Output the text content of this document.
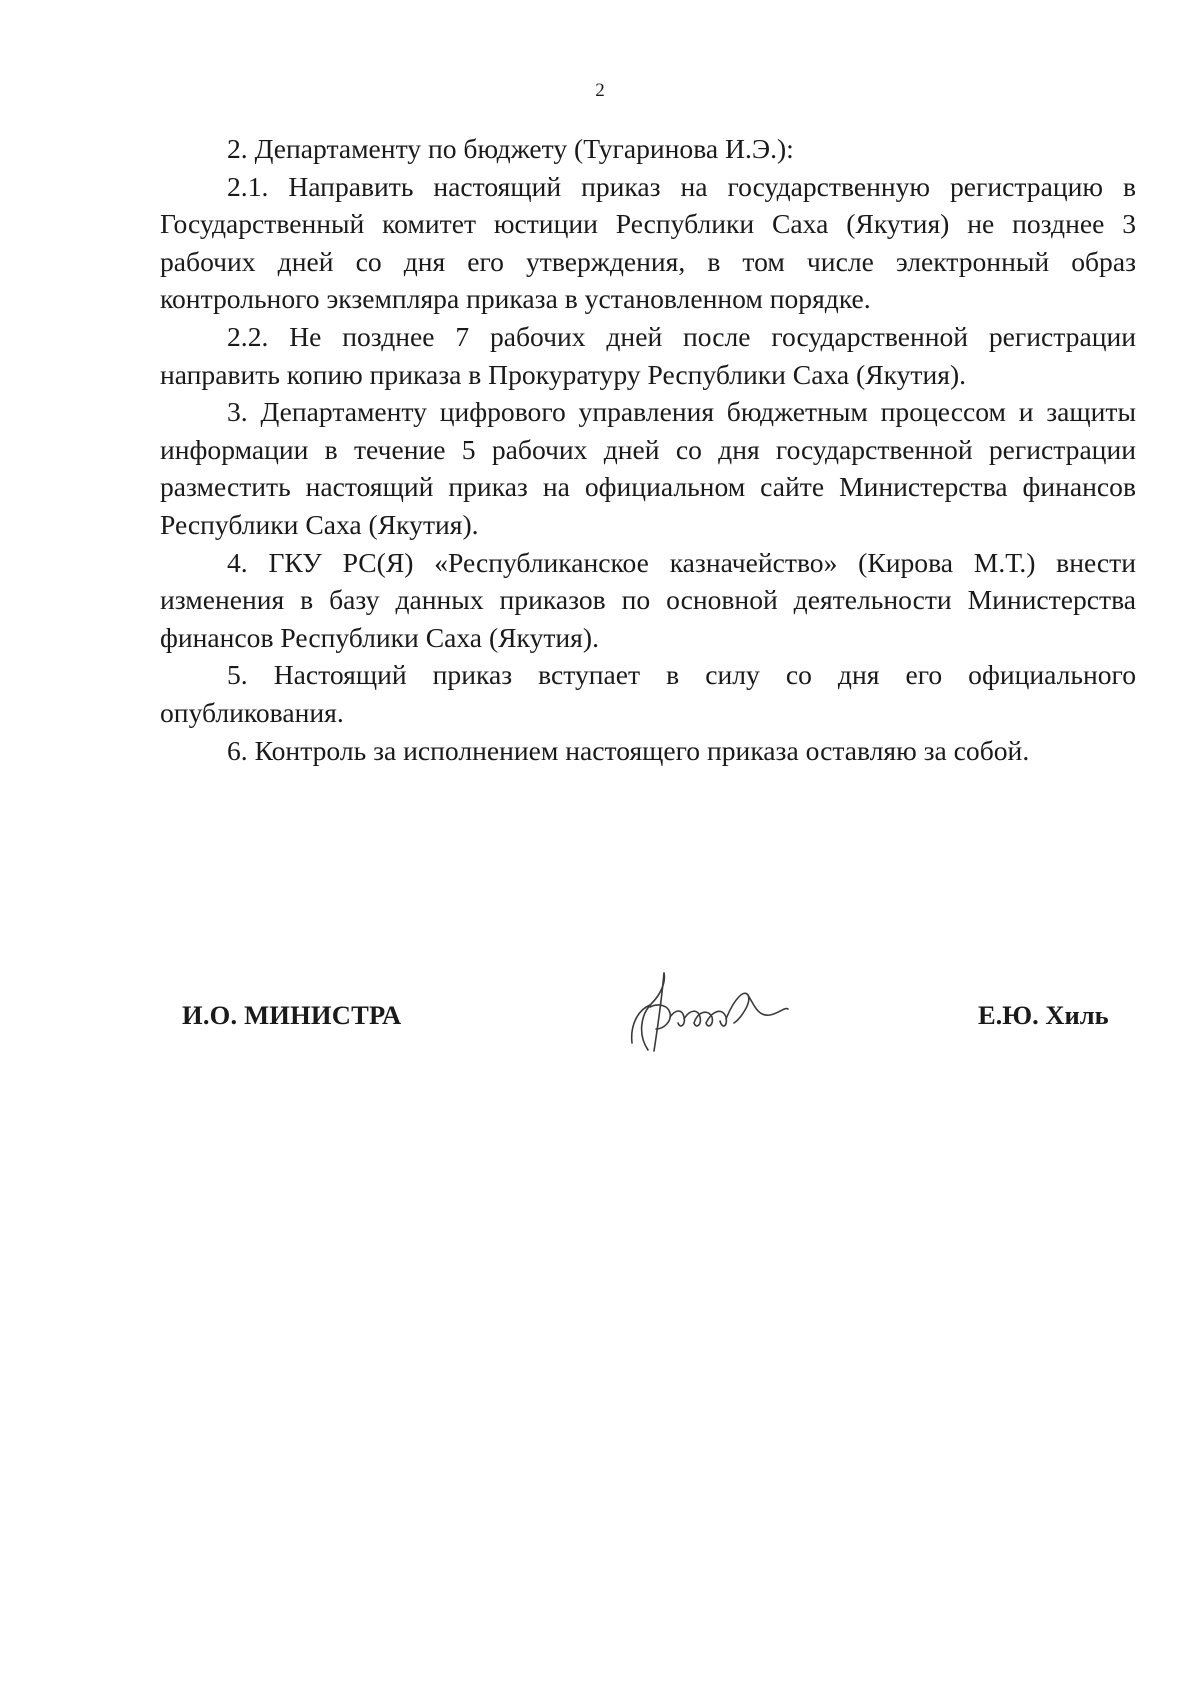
2

2. Департаменту по бюджету (Тугаринова И.Э.):

2.1. Направить настоящий приказ на государственную регистрацию в Государственный комитет юстиции Республики Саха (Якутия) не позднее 3 рабочих дней со дня его утверждения, в том числе электронный образ контрольного экземпляра приказа в установленном порядке.

2.2. Не позднее 7 рабочих дней после государственной регистрации направить копию приказа в Прокуратуру Республики Саха (Якутия).

3. Департаменту цифрового управления бюджетным процессом и защиты информации в течение 5 рабочих дней со дня государственной регистрации разместить настоящий приказ на официальном сайте Министерства финансов Республики Саха (Якутия).

4. ГКУ РС(Я) «Республиканское казначейство» (Кирова М.Т.) внести изменения в базу данных приказов по основной деятельности Министерства финансов Республики Саха (Якутия).

5. Настоящий приказ вступает в силу со дня его официального опубликования.

6. Контроль за исполнением настоящего приказа оставляю за собой.

И.О. МИНИСТРА	Е.Ю. Хиль
